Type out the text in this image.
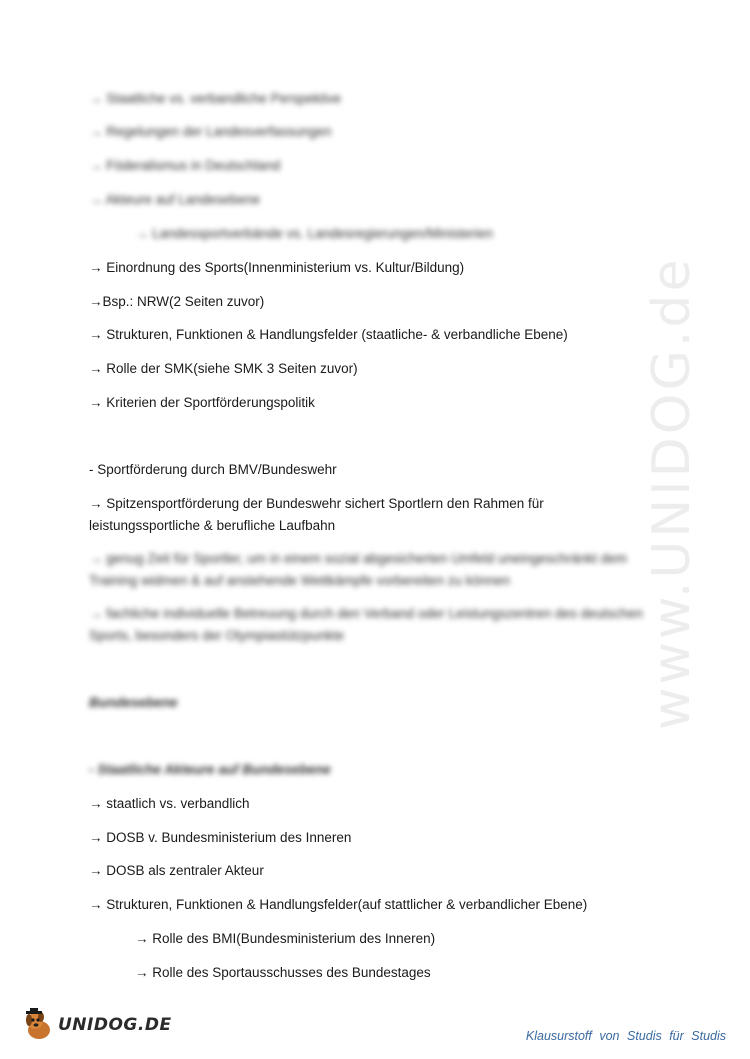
www.UNIDOG.de
→ Staatliche vs. verbandliche Perspektive
→ Regelungen der Landesverfassungen
→ Föderalismus in Deutschland
→ Akteure auf Landesebene
→ Landessportverbände vs. Landesregierungen/Ministerien
→ Einordnung des Sports(Innenministerium vs. Kultur/Bildung)
→Bsp.: NRW(2 Seiten zuvor)
→ Strukturen, Funktionen & Handlungsfelder (staatliche- & verbandliche Ebene)
→ Rolle der SMK(siehe SMK 3 Seiten zuvor)
→ Kriterien der Sportförderungspolitik
- Sportförderung durch BMV/Bundeswehr
→ Spitzensportförderung der Bundeswehr sichert Sportlern den Rahmen für leistungssportliche & berufliche Laufbahn
→ genug Zeit für Sportler, um in einem sozial abgesicherten Umfeld uneingeschränkt dem Training widmen & auf anstehende Wettkämpfe vorbereiten zu können
→ fachliche individuelle Betreuung durch den Verband oder Leistungszentren des deutschen Sports, besonders der Olympiastützpunkte
Bundesebene
- Staatliche Akteure auf Bundesebene
→ staatlich vs. verbandlich
→ DOSB v. Bundesministerium des Inneren
→ DOSB als zentraler Akteur
→ Strukturen, Funktionen & Handlungsfelder(auf stattlicher & verbandlicher Ebene)
→ Rolle des BMI(Bundesministerium des Inneren)
→ Rolle des Sportausschusses des Bundestages
UNIDOG.DE
Klausurstoff von Studis für Studis
